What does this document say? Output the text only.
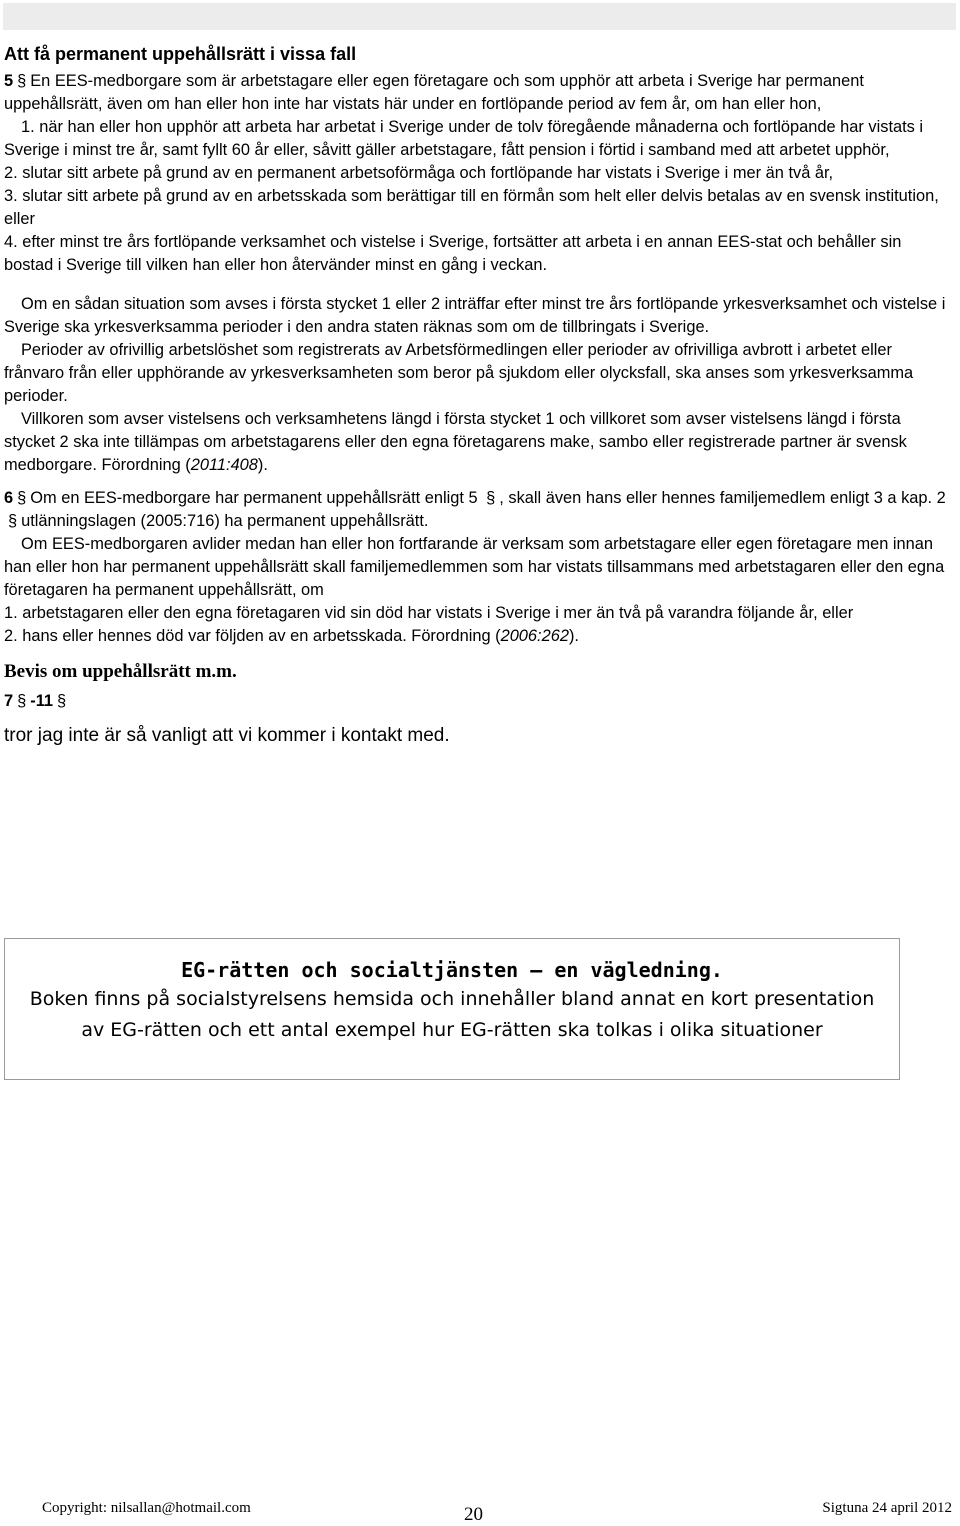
Att få permanent uppehållsrätt i vissa fall

5 § En EES-medborgare som är arbetstagare eller egen företagare och som upphör att arbeta i Sverige har permanent uppehållsrätt, även om han eller hon inte har vistats här under en fortlöpande period av fem år, om han eller hon,

1. när han eller hon upphör att arbeta har arbetat i Sverige under de tolv föregående månaderna och fortlöpande har vistats i Sverige i minst tre år, samt fyllt 60 år eller, såvitt gäller arbetstagare, fått pension i förtid i samband med att arbetet upphör,

2. slutar sitt arbete på grund av en permanent arbetsoförmåga och fortlöpande har vistats i Sverige i mer än två år,

3. slutar sitt arbete på grund av en arbetsskada som berättigar till en förmån som helt eller delvis betalas av en svensk institution, eller

4. efter minst tre års fortlöpande verksamhet och vistelse i Sverige, fortsätter att arbeta i en annan EES-stat och behåller sin bostad i Sverige till vilken han eller hon återvänder minst en gång i veckan.

Om en sådan situation som avses i första stycket 1 eller 2 inträffar efter minst tre års fortlöpande yrkesverksamhet och vistelse i Sverige ska yrkesverksamma perioder i den andra staten räknas som om de tillbringats i Sverige.

Perioder av ofrivillig arbetslöshet som registrerats av Arbetsförmedlingen eller perioder av ofrivilliga avbrott i arbetet eller frånvaro från eller upphörande av yrkesverksamheten som beror på sjukdom eller olycksfall, ska anses som yrkesverksamma perioder.

Villkoren som avser vistelsens och verksamhetens längd i första stycket 1 och villkoret som avser vistelsens längd i första stycket 2 ska inte tillämpas om arbetstagarens eller den egna företagarens make, sambo eller registrerade partner är svensk medborgare. Förordning (2011:408).

6 § Om en EES-medborgare har permanent uppehållsrätt enligt 5 § , skall även hans eller hennes familjemedlem enligt 3 a kap. 2 § utlänningslagen (2005:716) ha permanent uppehållsrätt.

Om EES-medborgaren avlider medan han eller hon fortfarande är verksam som arbetstagare eller egen företagare men innan han eller hon har permanent uppehållsrätt skall familjemedlemmen som har vistats tillsammans med arbetstagaren eller den egna företagaren ha permanent uppehållsrätt, om

1. arbetstagaren eller den egna företagaren vid sin död har vistats i Sverige i mer än två på varandra följande år, eller

2. hans eller hennes död var följden av en arbetsskada. Förordning (2006:262).

Bevis om uppehållsrätt m.m.

7 § -11 §

tror jag inte är så vanligt att vi kommer i kontakt med.

EG-rätten och socialtjänsten – en vägledning.
Boken finns på socialstyrelsens hemsida och innehåller bland annat en kort presentation av EG-rätten och ett antal exempel hur EG-rätten ska tolkas i olika situationer
Copyright: nilsallan@hotmail.com	20	Sigtuna 24 april 2012
